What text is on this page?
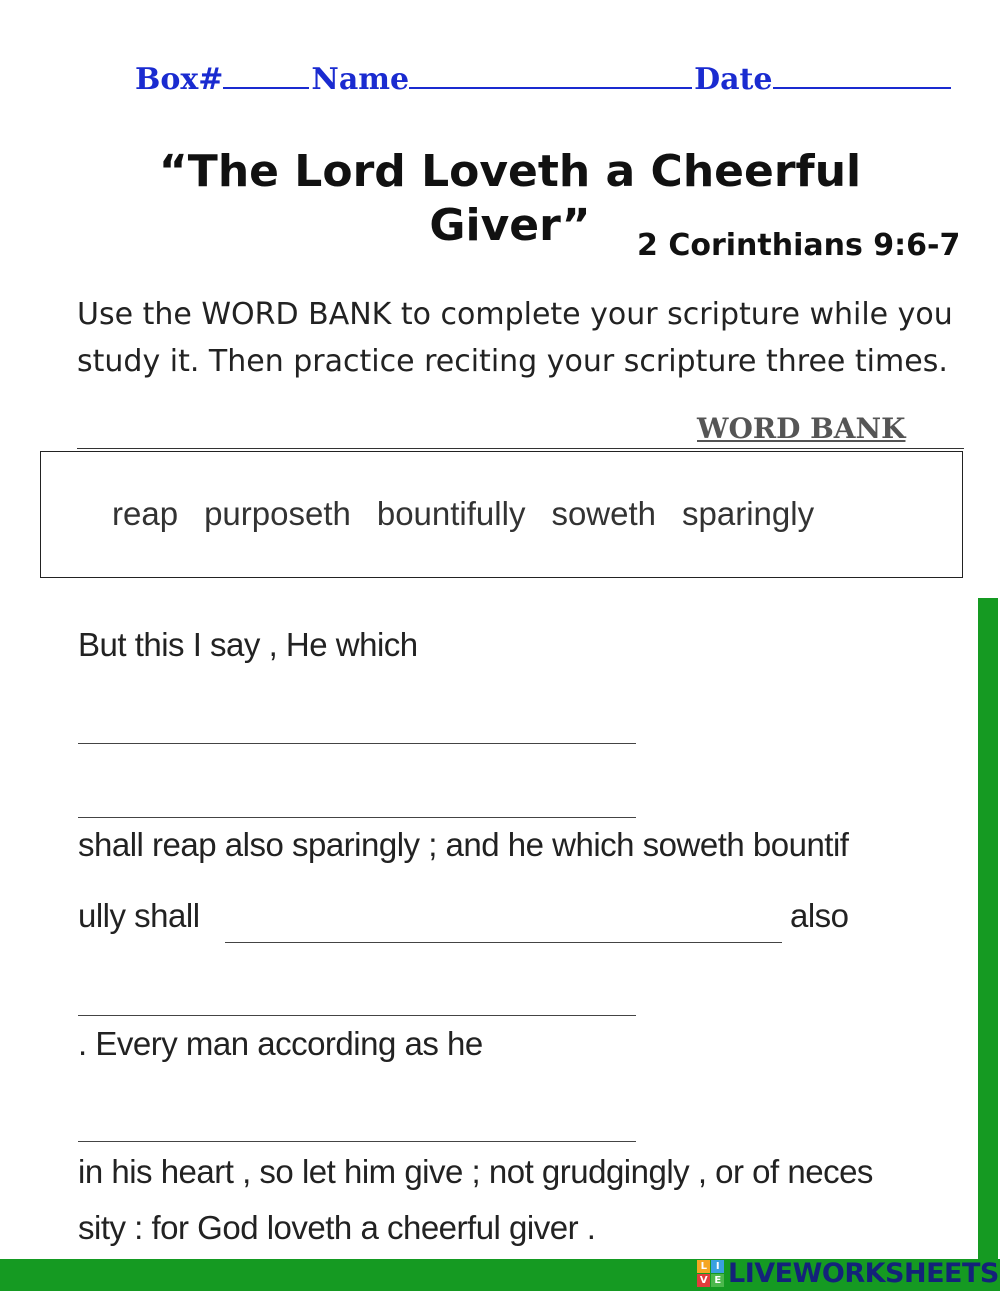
Box#	Name	Date
“The Lord Loveth a Cheerful Giver”	2 Corinthians 9:6-7
Use the WORD BANK to complete your scripture while you study it. Then practice reciting your scripture three times.
WORD BANK
reap purposeth bountifully soweth sparingly
But this I say , He which
shall reap also sparingly ; and he which soweth bountif
ully shall	also
. Every man according as he
in his heart , so let him give ; not grudgingly , or of neces
sity : for God loveth a cheerful giver .
L I
V E LIVEWORKSHEETS
